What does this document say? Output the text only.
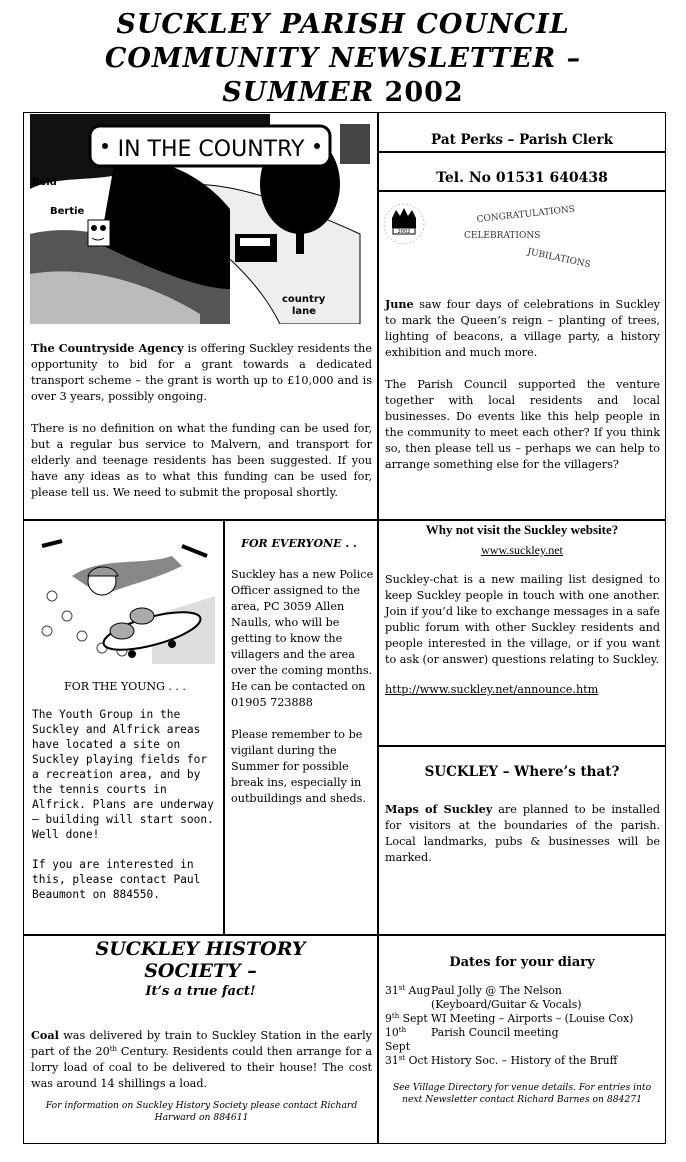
SUCKLEY PARISH COUNCIL
COMMUNITY NEWSLETTER –
SUMMER 2002
IN THE COUNTRY
field
Bertie
country
lane

The Countryside Agency is offering Suckley residents the opportunity to bid for a grant towards a dedicated transport scheme – the grant is worth up to £10,000 and is over 3 years, possibly ongoing.

There is no definition on what the funding can be used for, but a regular bus service to Malvern, and transport for elderly and teenage residents has been suggested. If you have any ideas as to what this funding can be used for, please tell us. We need to submit the proposal shortly.

Pat Perks – Parish Clerk
Tel. No 01531 640438
2002
CONGRATULATIONS
CELEBRATIONS
JUBILATIONS

June saw four days of celebrations in Suckley to mark the Queen’s reign – planting of trees, lighting of beacons, a village party, a history exhibition and much more.

The Parish Council supported the venture together with local residents and local businesses. Do events like this help people in the community to meet each other? If you think so, then please tell us – perhaps we can help to arrange something else for the villagers?

FOR THE YOUNG . . .

The Youth Group in the Suckley and Alfrick areas have located a site on Suckley playing fields for a recreation area, and by the tennis courts in Alfrick. Plans are underway – building will start soon. Well done!

If you are interested in this, please contact Paul Beaumont on 884550.

FOR EVERYONE . .

Suckley has a new Police Officer assigned to the area, PC 3059 Allen Naulls, who will be getting to know the villagers and the area over the coming months. He can be contacted on 01905 723888

Please remember to be vigilant during the Summer for possible break ins, especially in outbuildings and sheds.

Why not visit the Suckley website?
www.suckley.net

Suckley-chat is a new mailing list designed to keep Suckley people in touch with one another. Join if you’d like to exchange messages in a safe public forum with other Suckley residents and people interested in the village, or if you want to ask (or answer) questions relating to Suckley.

http://www.suckley.net/announce.htm

SUCKLEY – Where’s that?

Maps of Suckley are planned to be installed for visitors at the boundaries of the parish. Local landmarks, pubs & businesses will be marked.

SUCKLEY HISTORY
SOCIETY –
It’s a true fact!

Coal was delivered by train to Suckley Station in the early part of the 20th Century. Residents could then arrange for a lorry load of coal to be delivered to their house! The cost was around 14 shillings a load.

For information on Suckley History Society please contact Richard Harward on 884611
Dates for your diary
31st Aug Paul Jolly @ The Nelson
(Keyboard/Guitar & Vocals)
9th Sept WI Meeting – Airports – (Louise Cox)
10th Sept
Parish Council meeting
31st Oct History Soc. – History of the Bruff
See Village Directory for venue details. For entries into next Newsletter contact Richard Barnes on 884271
